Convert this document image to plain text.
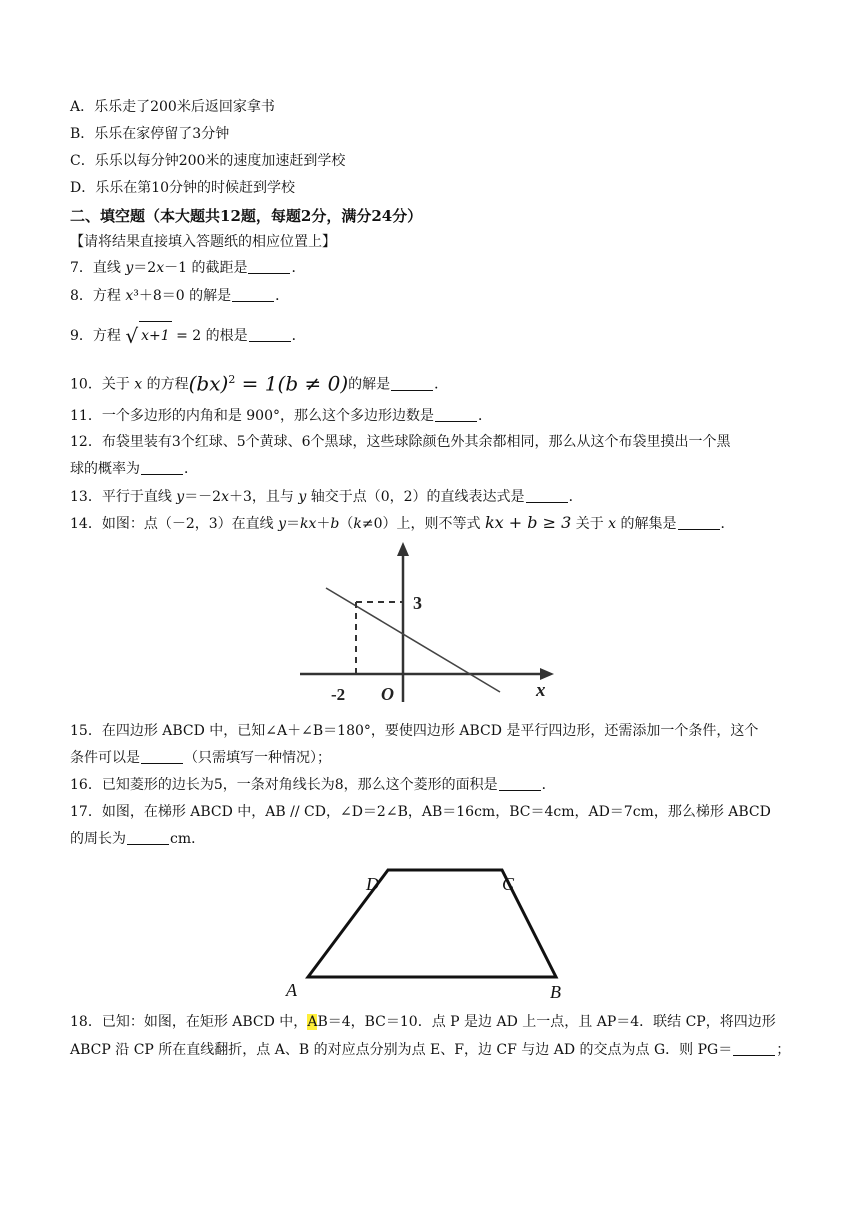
A．乐乐走了200米后返回家拿书
B．乐乐在家停留了3分钟
C．乐乐以每分钟200米的速度加速赶到学校
D．乐乐在第10分钟的时候赶到学校
二、填空题（本大题共12题，每题2分，满分24分）
【请将结果直接填入答题纸的相应位置上】
7．直线 y＝2x－1 的截距是	．
8．方程 x³＋8＝0 的解是	．
9．方程 √ x+1 = 2 的根是	．
10．关于 x 的方程(bx)$^2$ = 1(b ≠ 0)的解是	．
11．一个多边形的内角和是 900°，那么这个多边形边数是	．
12．布袋里装有3个红球、5个黄球、6个黑球，这些球除颜色外其余都相同，那么从这个布袋里摸出一个黑
球的概率为	．
13．平行于直线 y＝－2x＋3，且与 y 轴交于点（0，2）的直线表达式是	．
14．如图：点（－2，3）在直线 y＝kx＋b（k≠0）上，则不等式 kx + b ≥ 3 关于 x 的解集是	．
3
-2 O	x
15．在四边形 ABCD 中，已知∠A＋∠B＝180°，要使四边形 ABCD 是平行四边形，还需添加一个条件，这个
条件可以是	（只需填写一种情况）；
16．已知菱形的边长为5，一条对角线长为8，那么这个菱形的面积是	．
17．如图，在梯形 ABCD 中，AB // CD，∠D＝2∠B，AB＝16cm，BC＝4cm，AD＝7cm，那么梯形 ABCD
的周长为	cm．
D	C
A	B
18．已知：如图，在矩形 ABCD 中，AB＝4，BC＝10．点 P 是边 AD 上一点，且 AP＝4．联结 CP，将四边形
ABCP 沿 CP 所在直线翻折，点 A、B 的对应点分别为点 E、F，边 CF 与边 AD 的交点为点 G．则 PG＝	；
